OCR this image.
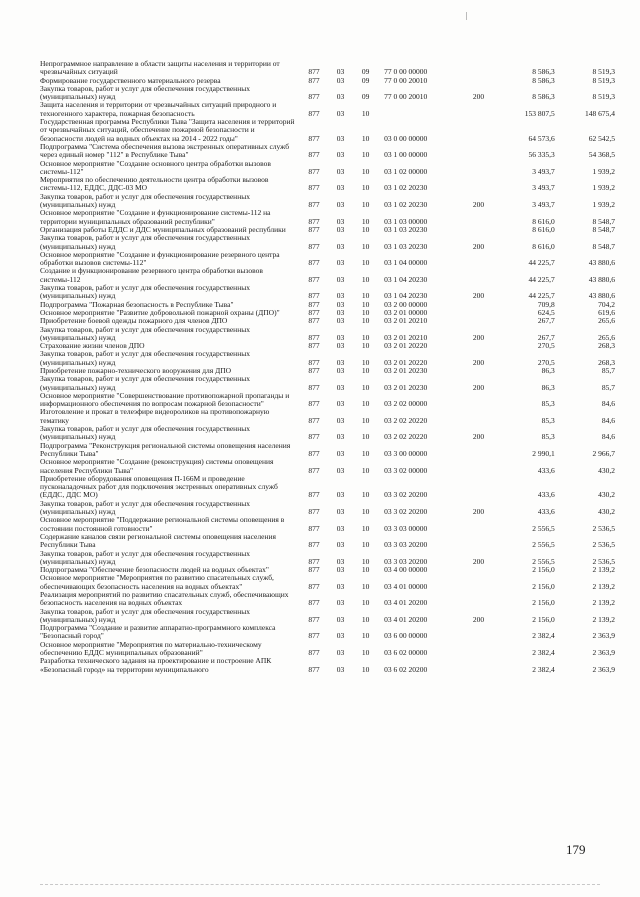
Непрограммное направление в области защиты населения и территории от чрезвычайных ситуаций	877	03	09	77 0 00 00000		8 586,3	8 519,3
Формирование государственного материального резерва	877	03	09	77 0 00 20010		8 586,3	8 519,3
Закупка товаров, работ и услуг для обеспечения государственных (муниципальных) нужд	877	03	09	77 0 00 20010	200	8 586,3	8 519,3
Защита населения и территории от чрезвычайных ситуаций природного и техногенного характера, пожарная безопасность	877	03	10			153 807,5	148 675,4
Государственная программа Республики Тыва "Защита населения и территорий от чрезвычайных ситуаций, обеспечение пожарной безопасности и безопасности людей на водных объектах на 2014 - 2022 годы"	877	03	10	03 0 00 00000		64 573,6	62 542,5
Подпрограмма "Система обеспечения вызова экстренных оперативных служб через единый номер "112" в Республике Тыва"	877	03	10	03 1 00 00000		56 335,3	54 368,5
Основное мероприятие "Создание основного центра обработки вызовов системы-112"	877	03	10	03 1 02 00000		3 493,7	1 939,2
Мероприятия по обеспечению деятельности центра обработки вызовов системы-112, ЕДДС, ДДС-03 МО	877	03	10	03 1 02 20230		3 493,7	1 939,2
Закупка товаров, работ и услуг для обеспечения государственных (муниципальных) нужд	877	03	10	03 1 02 20230	200	3 493,7	1 939,2
Основное мероприятие "Создание и функционирование системы-112 на территории муниципальных образований республики"	877	03	10	03 1 03 00000		8 616,0	8 548,7
Организация работы ЕДДС и ДДС муниципальных образований республики	877	03	10	03 1 03 20230		8 616,0	8 548,7
Закупка товаров, работ и услуг для обеспечения государственных (муниципальных) нужд	877	03	10	03 1 03 20230	200	8 616,0	8 548,7
Основное мероприятие "Создание и функционирование резервного центра обработки вызовов системы-112"	877	03	10	03 1 04 00000		44 225,7	43 880,6
Создание и функционирование резервного центра обработки вызовов системы-112	877	03	10	03 1 04 20230		44 225,7	43 880,6
Закупка товаров, работ и услуг для обеспечения государственных (муниципальных) нужд	877	03	10	03 1 04 20230	200	44 225,7	43 880,6
Подпрограмма "Пожарная безопасность в Республике Тыва"	877	03	10	03 2 00 00000		709,8	704,2
Основное мероприятие "Развитие добровольной пожарной охраны (ДПО)"	877	03	10	03 2 01 00000		624,5	619,6
Приобретение боевой одежды пожарного для членов ДПО	877	03	10	03 2 01 20210		267,7	265,6
Закупка товаров, работ и услуг для обеспечения государственных (муниципальных) нужд	877	03	10	03 2 01 20210	200	267,7	265,6
Страхование жизни членов ДПО	877	03	10	03 2 01 20220		270,5	268,3
Закупка товаров, работ и услуг для обеспечения государственных (муниципальных) нужд	877	03	10	03 2 01 20220	200	270,5	268,3
Приобретение пожарно-технического вооружения для ДПО	877	03	10	03 2 01 20230		86,3	85,7
Закупка товаров, работ и услуг для обеспечения государственных (муниципальных) нужд	877	03	10	03 2 01 20230	200	86,3	85,7
Основное мероприятие "Совершенствование противопожарной пропаганды и информационного обеспечения по вопросам пожарной безопасности"	877	03	10	03 2 02 00000		85,3	84,6
Изготовление и прокат в телеэфире видеороликов на противопожарную тематику	877	03	10	03 2 02 20220		85,3	84,6
Закупка товаров, работ и услуг для обеспечения государственных (муниципальных) нужд	877	03	10	03 2 02 20220	200	85,3	84,6
Подпрограмма "Реконструкция региональной системы оповещения населения Республики Тыва"	877	03	10	03 3 00 00000		2 990,1	2 966,7
Основное мероприятие "Создание (реконструкция) системы оповещения населения Республики Тыва"	877	03	10	03 3 02 00000		433,6	430,2
Приобретение оборудования оповещения П-166М и проведение пусконаладочных работ для подключения экстренных оперативных служб (ЕДДС, ДДС МО)	877	03	10	03 3 02 20200		433,6	430,2
Закупка товаров, работ и услуг для обеспечения государственных (муниципальных) нужд	877	03	10	03 3 02 20200	200	433,6	430,2
Основное мероприятие "Поддержание региональной системы оповещения в состоянии постоянной готовности"	877	03	10	03 3 03 00000		2 556,5	2 536,5
Содержание каналов связи региональной системы оповещения населения Республики Тыва	877	03	10	03 3 03 20200		2 556,5	2 536,5
Закупка товаров, работ и услуг для обеспечения государственных (муниципальных) нужд	877	03	10	03 3 03 20200	200	2 556,5	2 536,5
Подпрограмма "Обеспечение безопасности людей на водных объектах"	877	03	10	03 4 00 00000		2 156,0	2 139,2
Основное мероприятие "Мероприятия по развитию спасательных служб, обеспечивающих безопасность населения на водных объектах"	877	03	10	03 4 01 00000		2 156,0	2 139,2
Реализация мероприятий по развитию спасательных служб, обеспечивающих безопасность населения на водных объектах	877	03	10	03 4 01 20200		2 156,0	2 139,2
Закупка товаров, работ и услуг для обеспечения государственных (муниципальных) нужд	877	03	10	03 4 01 20200	200	2 156,0	2 139,2
Подпрограмма "Создание и развитие аппаратно-программного комплекса "Безопасный город"	877	03	10	03 6 00 00000		2 382,4	2 363,9
Основное мероприятие "Мероприятия по материально-техническому обеспечению ЕДДС муниципальных образований"	877	03	10	03 6 02 00000		2 382,4	2 363,9
Разработка технического задания на проектирование и построение АПК «Безопасный город» на территории муниципального	877	03	10	03 6 02 20200		2 382,4	2 363,9
179
